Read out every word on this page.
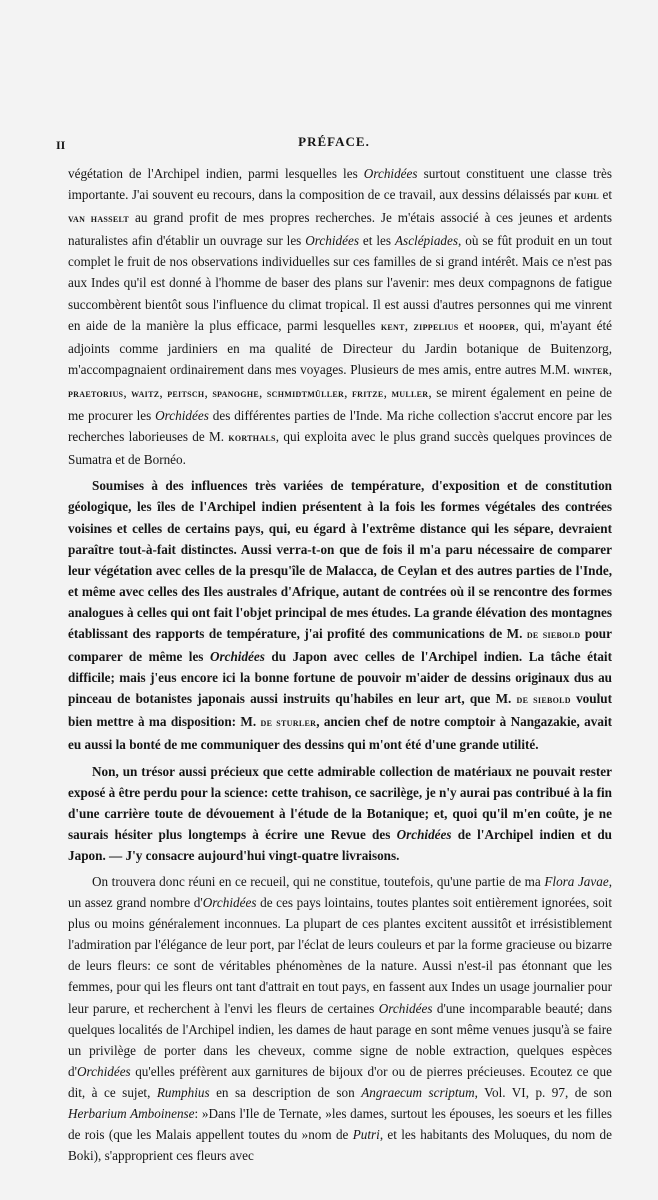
II	PRÉFACE.

végétation de l'Archipel indien, parmi lesquelles les Orchidées surtout constituent une classe très importante. J'ai souvent eu recours, dans la composition de ce travail, aux dessins délaissés par kuhl et van hasselt au grand profit de mes propres recherches. Je m'étais associé à ces jeunes et ardents naturalistes afin d'établir un ouvrage sur les Orchidées et les Asclépiades, où se fût produit en un tout complet le fruit de nos observations individuelles sur ces familles de si grand intérêt. Mais ce n'est pas aux Indes qu'il est donné à l'homme de baser des plans sur l'avenir: mes deux compagnons de fatigue succombèrent bientôt sous l'influence du climat tropical. Il est aussi d'autres personnes qui me vinrent en aide de la manière la plus efficace, parmi lesquelles kent, zippelius et hooper, qui, m'ayant été adjoints comme jardiniers en ma qualité de Directeur du Jardin botanique de Buitenzorg, m'accompagnaient ordinairement dans mes voyages. Plusieurs de mes amis, entre autres M.M. winter, praetorius, waitz, peitsch, spanoghe, schmidtmüller, fritze, muller, se mirent également en peine de me procurer les Orchidées des différentes parties de l'Inde. Ma riche collection s'accrut encore par les recherches laborieuses de M. korthals, qui exploita avec le plus grand succès quelques provinces de Sumatra et de Bornéo.

Soumises à des influences très variées de température, d'exposition et de constitution géologique, les îles de l'Archipel indien présentent à la fois les formes végétales des contrées voisines et celles de certains pays, qui, eu égard à l'extrême distance qui les sépare, devraient paraître tout-à-fait distinctes. Aussi verra-t-on que de fois il m'a paru nécessaire de comparer leur végétation avec celles de la presqu'île de Malacca, de Ceylan et des autres parties de l'Inde, et même avec celles des Iles australes d'Afrique, autant de contrées où il se rencontre des formes analogues à celles qui ont fait l'objet principal de mes études. La grande élévation des montagnes établissant des rapports de température, j'ai profité des communications de M. de siebold pour comparer de même les Orchidées du Japon avec celles de l'Archipel indien. La tâche était difficile; mais j'eus encore ici la bonne fortune de pouvoir m'aider de dessins originaux dus au pinceau de botanistes japonais aussi instruits qu'habiles en leur art, que M. de siebold voulut bien mettre à ma disposition: M. de sturler, ancien chef de notre comptoir à Nangazakie, avait eu aussi la bonté de me communiquer des dessins qui m'ont été d'une grande utilité.

Non, un trésor aussi précieux que cette admirable collection de matériaux ne pouvait rester exposé à être perdu pour la science: cette trahison, ce sacrilège, je n'y aurai pas contribué à la fin d'une carrière toute de dévouement à l'étude de la Botanique; et, quoi qu'il m'en coûte, je ne saurais hésiter plus longtemps à écrire une Revue des Orchidées de l'Archipel indien et du Japon. — J'y consacre aujourd'hui vingt-quatre livraisons.

On trouvera donc réuni en ce recueil, qui ne constitue, toutefois, qu'une partie de ma Flora Javae, un assez grand nombre d'Orchidées de ces pays lointains, toutes plantes soit entièrement ignorées, soit plus ou moins généralement inconnues. La plupart de ces plantes excitent aussitôt et irrésistiblement l'admiration par l'élégance de leur port, par l'éclat de leurs couleurs et par la forme gracieuse ou bizarre de leurs fleurs: ce sont de véritables phénomènes de la nature. Aussi n'est-il pas étonnant que les femmes, pour qui les fleurs ont tant d'attrait en tout pays, en fassent aux Indes un usage journalier pour leur parure, et recherchent à l'envi les fleurs de certaines Orchidées d'une incomparable beauté; dans quelques localités de l'Archipel indien, les dames de haut parage en sont même venues jusqu'à se faire un privilège de porter dans les cheveux, comme signe de noble extraction, quelques espèces d'Orchidées qu'elles préfèrent aux garnitures de bijoux d'or ou de pierres précieuses. Ecoutez ce que dit, à ce sujet, Rumphius en sa description de son Angraecum scriptum, Vol. VI, p. 97, de son Herbarium Amboinense: »Dans l'Ile de Ternate, »les dames, surtout les épouses, les soeurs et les filles de rois (que les Malais appellent toutes du »nom de Putri, et les habitants des Moluques, du nom de Boki), s'approprient ces fleurs avec
